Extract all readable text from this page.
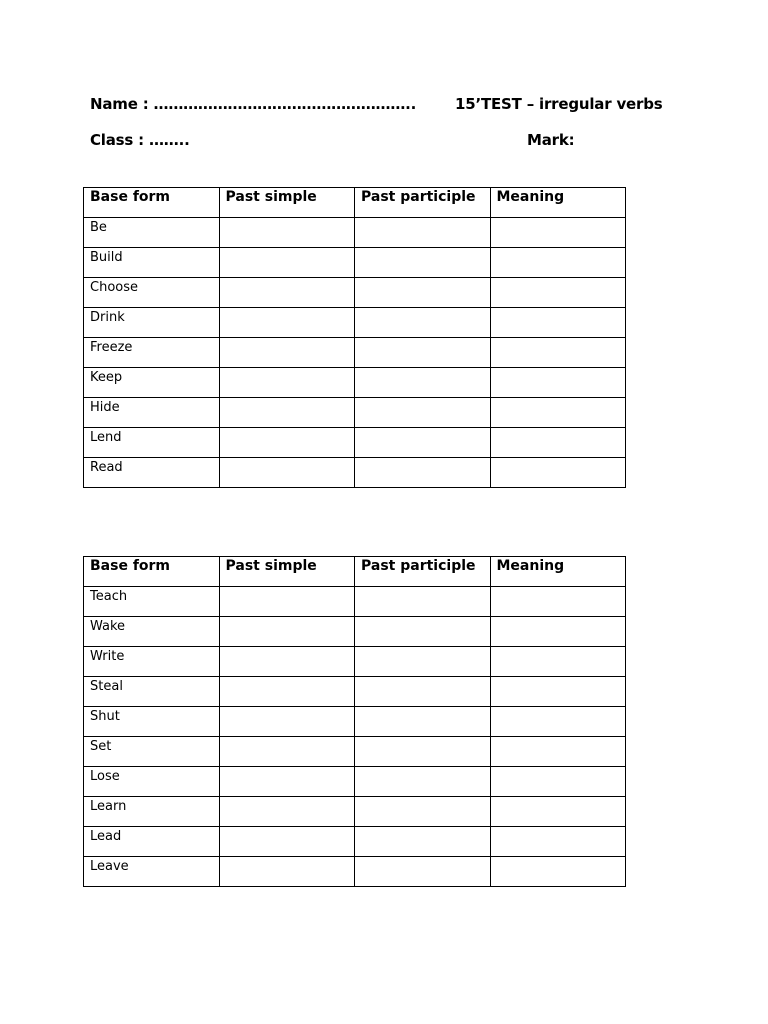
Name : ……………………………………………..	15’TEST – irregular verbs
Class : ……..	Mark:
Base form	Past simple	Past participle	Meaning
Be			
Build			
Choose			
Drink			
Freeze			
Keep			
Hide			
Lend			
Read			
Base form	Past simple	Past participle	Meaning
Teach			
Wake			
Write			
Steal			
Shut			
Set			
Lose			
Learn			
Lead			
Leave			
